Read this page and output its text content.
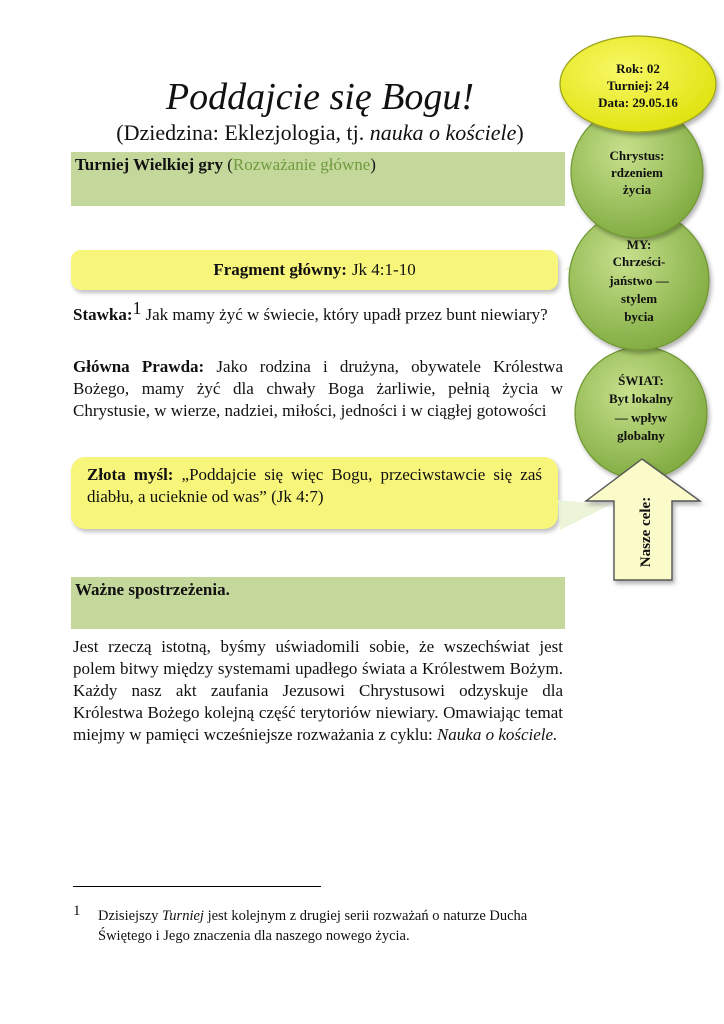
Poddajcie się Bogu!
(Dziedzina: Eklezjologia, tj. nauka o kościele)
Turniej Wielkiej gry (Rozważanie główne)
Fragment główny: Jk 4:1-10
Stawka:$^1$ Jak mamy żyć w świecie, który upadł przez bunt niewiary?
Główna Prawda: Jako rodzina i drużyna, obywatele Królestwa Bożego, mamy żyć dla chwały Boga żarliwie, pełnią życia w Chrystusie, w wierze, nadziei, miłości, jedności i w ciągłej gotowości
Złota myśl: „Poddajcie się więc Bogu, przeciwstawcie się zaś diabłu, a ucieknie od was” (Jk 4:7)
Ważne spostrzeżenia.
Jest rzeczą istotną, byśmy uświadomili sobie, że wszechświat jest polem bitwy między systemami upadłego świata a Królestwem Bożym. Każdy nasz akt zaufania Jezusowi Chrystusowi odzyskuje dla Królestwa Bożego kolejną część terytoriów niewiary. Omawiając temat miejmy w pamięci wcześniejsze rozważania z cyklu: Nauka o kościele.
1 Dzisiejszy Turniej jest kolejnym z drugiej serii rozważań o naturze Ducha Świętego i Jego znaczenia dla naszego nowego życia.
Rok: 02
Turniej: 24
Data: 29.05.16
Chrystus:
rdzeniem
życia
MY:
Chrześci-
jaństwo —
stylem
bycia
ŚWIAT:
Byt lokalny
— wpływ
globalny
Nasze cele:
